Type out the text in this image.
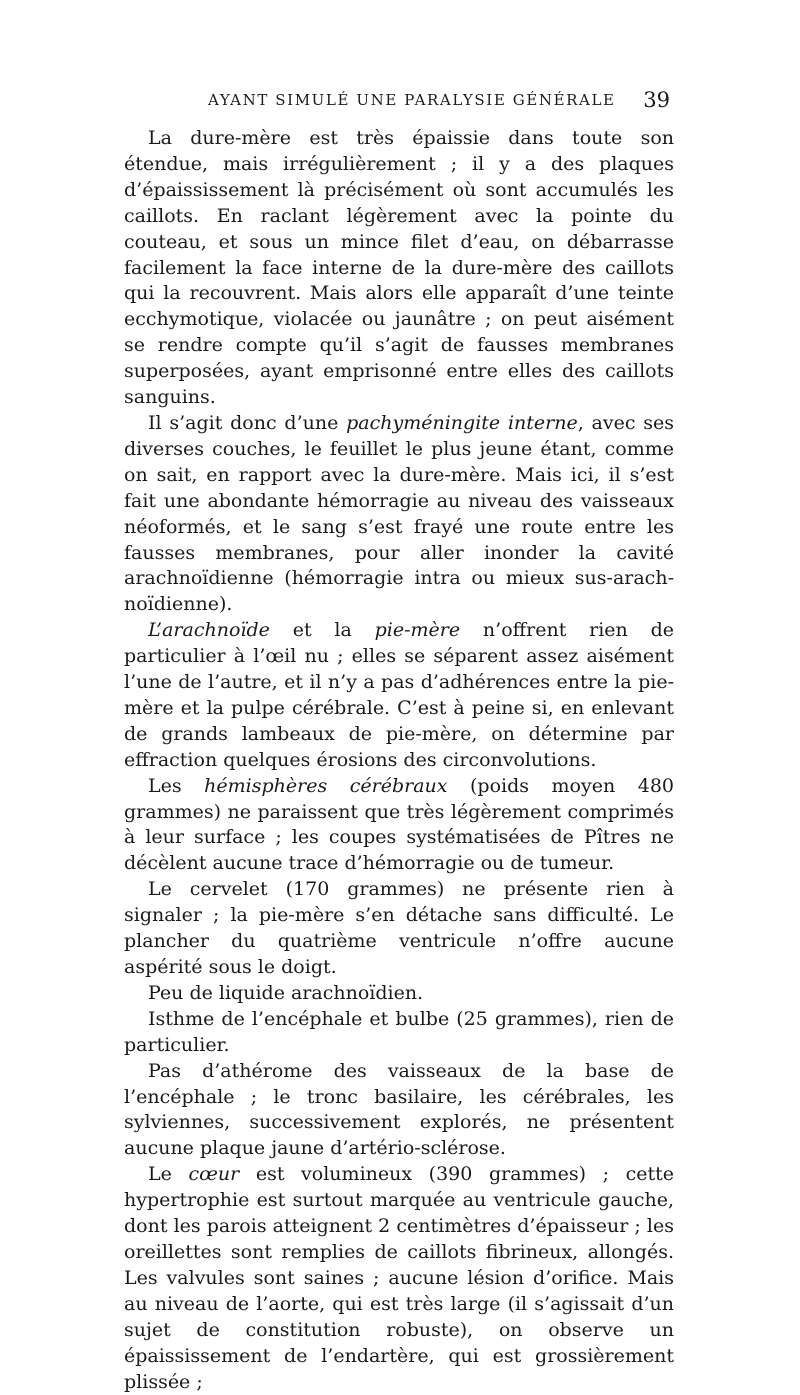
AYANT SIMULÉ UNE PARALYSIE GÉNÉRALE 39

La dure-mère est très épaissie dans toute son étendue, mais irrégulièrement ; il y a des plaques d’épaississement là précisément où sont accumulés les caillots. En raclant légèrement avec la pointe du couteau, et sous un mince filet d’eau, on débarrasse facilement la face interne de la dure-mère des caillots qui la recouvrent. Mais alors elle apparaît d’une teinte ecchymotique, violacée ou jaunâtre ; on peut aisément se rendre compte qu’il s’agit de fausses membranes superposées, ayant emprisonné entre elles des caillots sanguins.

Il s’agit donc d’une pachyméningite interne, avec ses diverses couches, le feuillet le plus jeune étant, comme on sait, en rapport avec la dure-mère. Mais ici, il s’est fait une abondante hémorragie au niveau des vaisseaux néoformés, et le sang s’est frayé une route entre les fausses membranes, pour aller inonder la cavité arachnoïdienne (hémorragie intra ou mieux sus-arachnoïdienne).

L’arachnoïde et la pie-mère n’offrent rien de particulier à l’œil nu ; elles se séparent assez aisément l’une de l’autre, et il n’y a pas d’adhérences entre la pie-mère et la pulpe cérébrale. C’est à peine si, en enlevant de grands lambeaux de pie-mère, on détermine par effraction quelques érosions des circonvolutions.

Les hémisphères cérébraux (poids moyen 480 grammes) ne paraissent que très légèrement comprimés à leur surface ; les coupes systématisées de Pîtres ne décèlent aucune trace d’hémorragie ou de tumeur.

Le cervelet (170 grammes) ne présente rien à signaler ; la pie-mère s’en détache sans difficulté. Le plancher du quatrième ventricule n’offre aucune aspérité sous le doigt.

Peu de liquide arachnoïdien.

Isthme de l’encéphale et bulbe (25 grammes), rien de particulier.

Pas d’athérome des vaisseaux de la base de l’encéphale ; le tronc basilaire, les cérébrales, les sylviennes, successivement explorés, ne présentent aucune plaque jaune d’artério-sclérose.

Le cœur est volumineux (390 grammes) ; cette hypertrophie est surtout marquée au ventricule gauche, dont les parois atteignent 2 centimètres d’épaisseur ; les oreillettes sont remplies de caillots fibrineux, allongés. Les valvules sont saines ; aucune lésion d’orifice. Mais au niveau de l’aorte, qui est très large (il s’agissait d’un sujet de constitution robuste), on observe un épaississement de l’endartère, qui est grossièrement plissée ;
